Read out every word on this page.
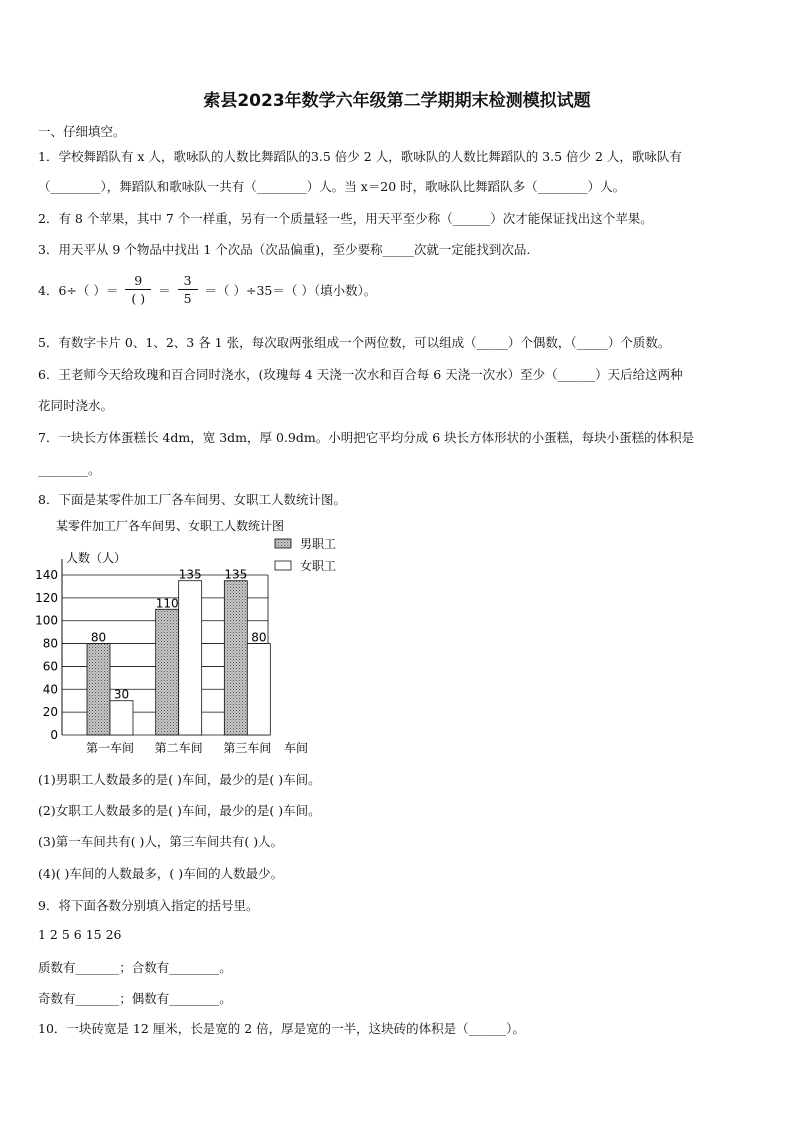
索县2023年数学六年级第二学期期末检测模拟试题
一、仔细填空。
1．学校舞蹈队有 x 人，歌咏队的人数比舞蹈队的3.5 倍少 2 人，歌咏队的人数比舞蹈队的 3.5 倍少 2 人，歌咏队有
（________），舞蹈队和歌咏队一共有（________）人。当 x＝20 时，歌咏队比舞蹈队多（________）人。
2．有 8 个苹果，其中 7 个一样重，另有一个质量轻一些，用天平至少称（______）次才能保证找出这个苹果。
3．用天平从 9 个物品中找出 1 个次品（次品偏重)，至少要称_____次就一定能找到次品.
4．6÷（ ）＝ $\frac{9}{( )} = \frac{3}{5}$ ＝（ ）÷35＝（ ）（填小数）。
5．有数字卡片 0、1、2、3 各 1 张，每次取两张组成一个两位数，可以组成（_____）个偶数，（_____）个质数。
6．王老师今天给玫瑰和百合同时浇水，(玫瑰每 4 天浇一次水和百合每 6 天浇一次水）至少（______）天后给这两种
花同时浇水。
7．一块长方体蛋糕长 4dm，宽 3dm，厚 0.9dm。小明把它平均分成 6 块长方体形状的小蛋糕，每块小蛋糕的体积是
________。
8．下面是某零件加工厂各车间男、女职工人数统计图。
某零件加工厂各车间男、女职工人数统计图
人数（人）
车间
男职工
女职工
0
20
40
60
80
100
120
140
80
30
110
135 135
80
第一车间 第二车间 第三车间
(1)男职工人数最多的是( )车间，最少的是( )车间。
(2)女职工人数最多的是( )车间，最少的是( )车间。
(3)第一车间共有( )人，第三车间共有( )人。
(4)( )车间的人数最多，( )车间的人数最少。
9．将下面各数分别填入指定的括号里。
1 2 5 6 15 26
质数有_______；合数有________。
奇数有_______；偶数有________。
10．一块砖宽是 12 厘米，长是宽的 2 倍，厚是宽的一半，这块砖的体积是（______）。
